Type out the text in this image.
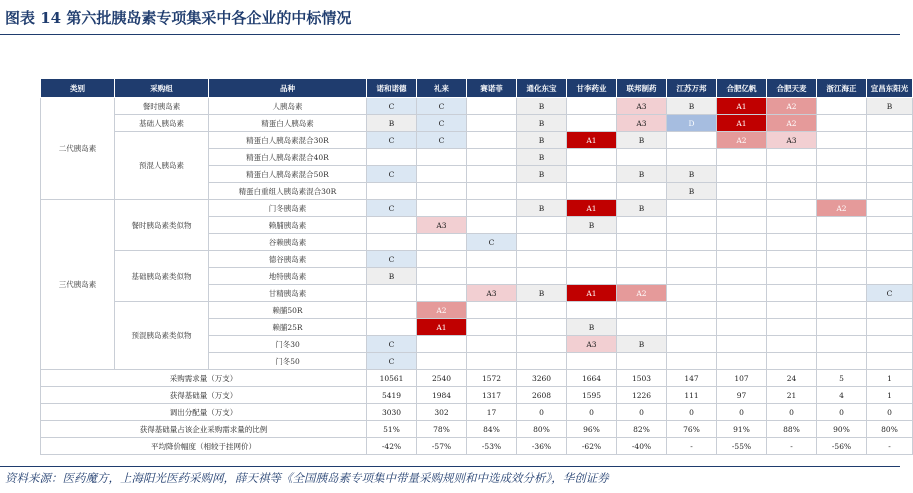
图表 14 第六批胰岛素专项集采中各企业的中标情况
类别	采购组	品种	诺和诺德	礼来	赛诺菲	通化东宝	甘李药业	联邦制药	江苏万邦	合肥亿帆	合肥天麦	浙江海正	宜昌东阳光
二代胰岛素	餐时胰岛素	人胰岛素	C	C		B		A3	B	A1	A2		B
	基础人胰岛素	精蛋白人胰岛素	B	C		B		A3	D	A1	A2		
	预混人胰岛素	精蛋白人胰岛素混合30R	C	C		B	A1	B		A2	A3		
		精蛋白人胰岛素混合40R				B							
		精蛋白人胰岛素混合50R	C			B		B	B				
		精蛋白重组人胰岛素混合30R							B				
三代胰岛素	餐时胰岛素类似物	门冬胰岛素	C			B	A1	B				A2	
		赖脯胰岛素		A3			B						
		谷赖胰岛素			C								
	基础胰岛素类似物	德谷胰岛素	C										
		地特胰岛素	B										
		甘精胰岛素			A3	B	A1	A2					C
	预混胰岛素类似物	赖脯50R		A2									
		赖脯25R		A1			B						
		门冬30	C				A3	B					
		门冬50	C										
采购需求量（万支）			10561	2540	1572	3260	1664	1503	147	107	24	5	1
获得基础量（万支）			5419	1984	1317	2608	1595	1226	111	97	21	4	1
调出分配量（万支）			3030	302	17	0	0	0	0	0	0	0	0
获得基础量占该企业采购需求量的比例			51%	78%	84%	80%	96%	82%	76%	91%	88%	90%	80%
平均降价幅度（相较于挂网价）			-42%	-57%	-53%	-36%	-62%	-40%	-	-55%	-	-56%	-
资料来源：医药魔方，上海阳光医药采购网，薛天祺等《全国胰岛素专项集中带量采购规则和中选成效分析》，华创证券
